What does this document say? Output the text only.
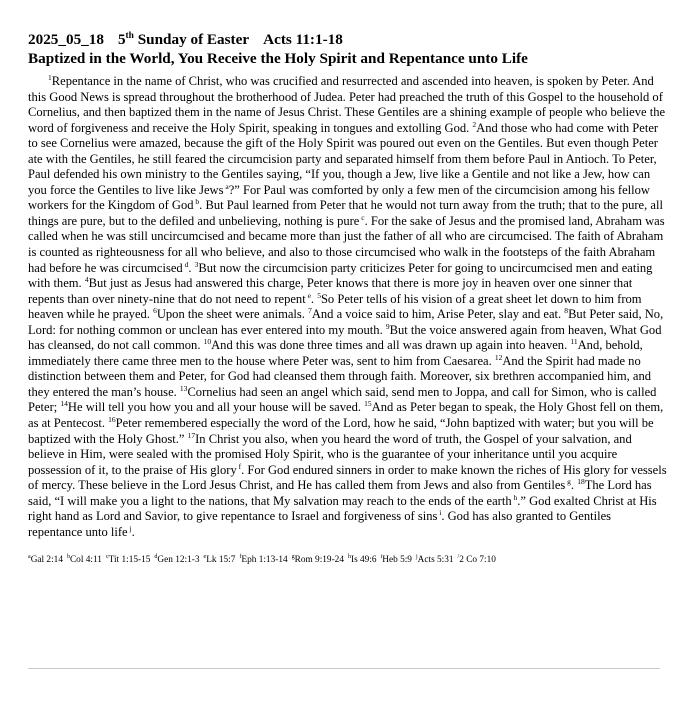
2025_05_18 5th Sunday of Easter Acts 11:1-18

Baptized in the World, You Receive the Holy Spirit and Repentance unto Life

$^1$Repentance in the name of Christ, who was crucified and resurrected and ascended into heaven, is spoken by Peter. And this Good News is spread throughout the brotherhood of Judea. Peter had preached the truth of this Gospel to the household of Cornelius, and then baptized them in the name of Jesus Christ. These Gentiles are a shining example of people who believe the word of forgiveness and receive the Holy Spirit, speaking in tongues and extolling God. $^2$And those who had come with Peter to see Cornelius were amazed, because the gift of the Holy Spirit was poured out even on the Gentiles. But even though Peter ate with the Gentiles, he still feared the circumcision party and separated himself from them before Paul in Antioch. To Peter, Paul defended his own ministry to the Gentiles saying, “If you, though a Jew, live like a Gentile and not like a Jew, how can you force the Gentiles to live like Jews $^a$?” For Paul was comforted by only a few men of the circumcision among his fellow workers for the Kingdom of God $^b$. But Paul learned from Peter that he would not turn away from the truth; that to the pure, all things are pure, but to the defiled and unbelieving, nothing is pure $^c$. For the sake of Jesus and the promised land, Abraham was called when he was still uncircumcised and became more than just the father of all who are circumcised. The faith of Abraham is counted as righteousness for all who believe, and also to those circumcised who walk in the footsteps of the faith Abraham had before he was circumcised $^d$. $^3$But now the circumcision party criticizes Peter for going to uncircumcised men and eating with them. $^4$But just as Jesus had answered this charge, Peter knows that there is more joy in heaven over one sinner that repents than over ninety-nine that do not need to repent $^e$. $^5$So Peter tells of his vision of a great sheet let down to him from heaven while he prayed. $^6$Upon the sheet were animals. $^7$And a voice said to him, Arise Peter, slay and eat. $^8$But Peter said, No, Lord: for nothing common or unclean has ever entered into my mouth. $^9$But the voice answered again from heaven, What God has cleansed, do not call common. $^{10}$And this was done three times and all was drawn up again into heaven. $^{11}$And, behold, immediately there came three men to the house where Peter was, sent to him from Caesarea. $^{12}$And the Spirit had made no distinction between them and Peter, for God had cleansed them through faith. Moreover, six brethren accompanied him, and they entered the man’s house. $^{13}$Cornelius had seen an angel which said, send men to Joppa, and call for Simon, who is called Peter; $^{14}$He will tell you how you and all your house will be saved. $^{15}$And as Peter began to speak, the Holy Ghost fell on them, as at Pentecost. $^{16}$Peter remembered especially the word of the Lord, how he said, “John baptized with water; but you will be baptized with the Holy Ghost.” $^{17}$In Christ you also, when you heard the word of truth, the Gospel of your salvation, and believe in Him, were sealed with the promised Holy Spirit, who is the guarantee of your inheritance until you acquire possession of it, to the praise of His glory $^f$. For God endured sinners in order to make known the riches of His glory for vessels of mercy. These believe in the Lord Jesus Christ, and He has called them from Jews and also from Gentiles $^g$. $^{18}$The Lord has said, “I will make you a light to the nations, that My salvation may reach to the ends of the earth $^h$.” God exalted Christ at His right hand as Lord and Savior, to give repentance to Israel and forgiveness of sins $^i$. God has also granted to Gentiles repentance unto life $^j$.

$^a$Gal 2:14 $^b$Col 4:11 $^c$Tit 1:15-15 $^d$Gen 12:1-3 $^e$Lk 15:7 $^f$Eph 1:13-14 $^g$Rom 9:19-24 $^h$Is 49:6 $^i$Heb 5:9 $^j$Acts 5:31 /2 Co 7:10
